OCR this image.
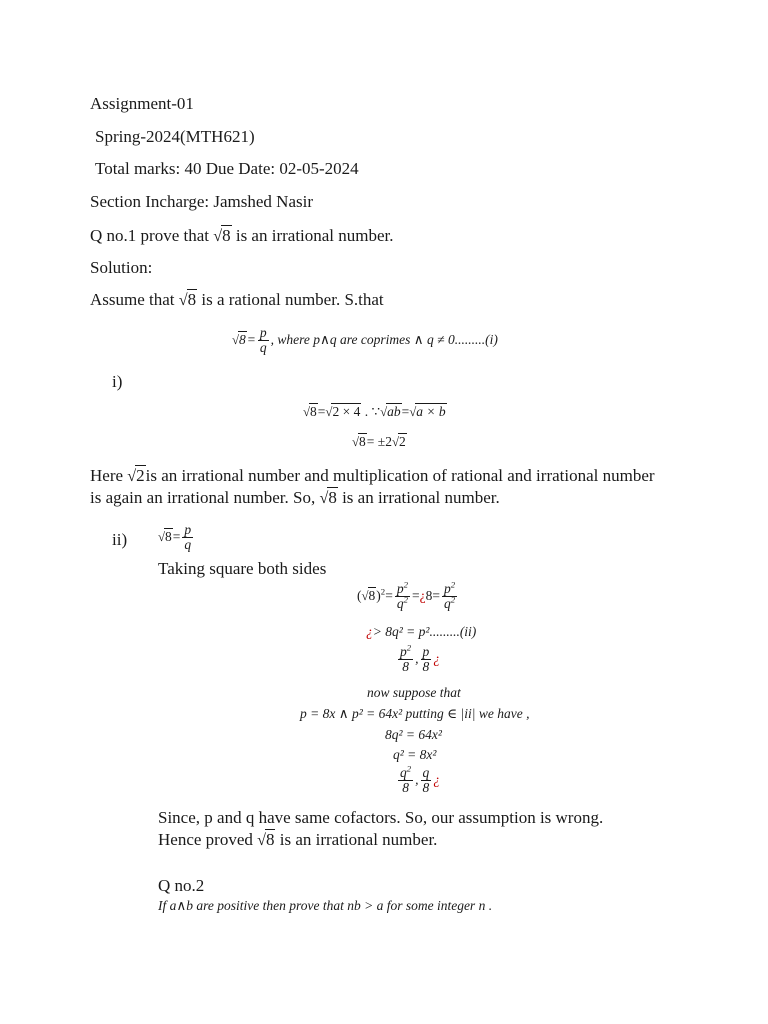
Assignment-01
Spring-2024(MTH621)
Total marks: 40 Due Date: 02-05-2024
Section Incharge: Jamshed Nasir
Q no.1 prove that √8 is an irrational number.
Solution:
Assume that √8 is a rational number. S.that
$√8= \frac{p}{q}$ , where p∧q are coprimes ∧ q ≠ 0.........(i)
i)
√8=√2 × 4 . ∵√ab=√a × b
√8= ±2√2
Here √2is an irrational number and multiplication of rational and irrational number
is again an irrational number. So, √8 is an irrational number.
ii) $√8= \frac{p}{q}$
Taking square both sides
$(√8)^2= \frac{p^2}{q^2}$ =¿8= $\frac{p^2}{q^2}$
¿> 8q² = p².........(ii)
$\frac{p^2}{8}$ , $\frac{p}{8}$ ¿
now suppose that
p = 8x ∧ p² = 64x² putting ∈ |ii| we have ,
8q² = 64x²
q² = 8x²
$\frac{q^2}{8}$ , $\frac{q}{8}$ ¿
Since, p and q have same cofactors. So, our assumption is wrong.
Hence proved √8 is an irrational number.
Q no.2
If a∧b are positive then prove that nb > a for some integer n .
